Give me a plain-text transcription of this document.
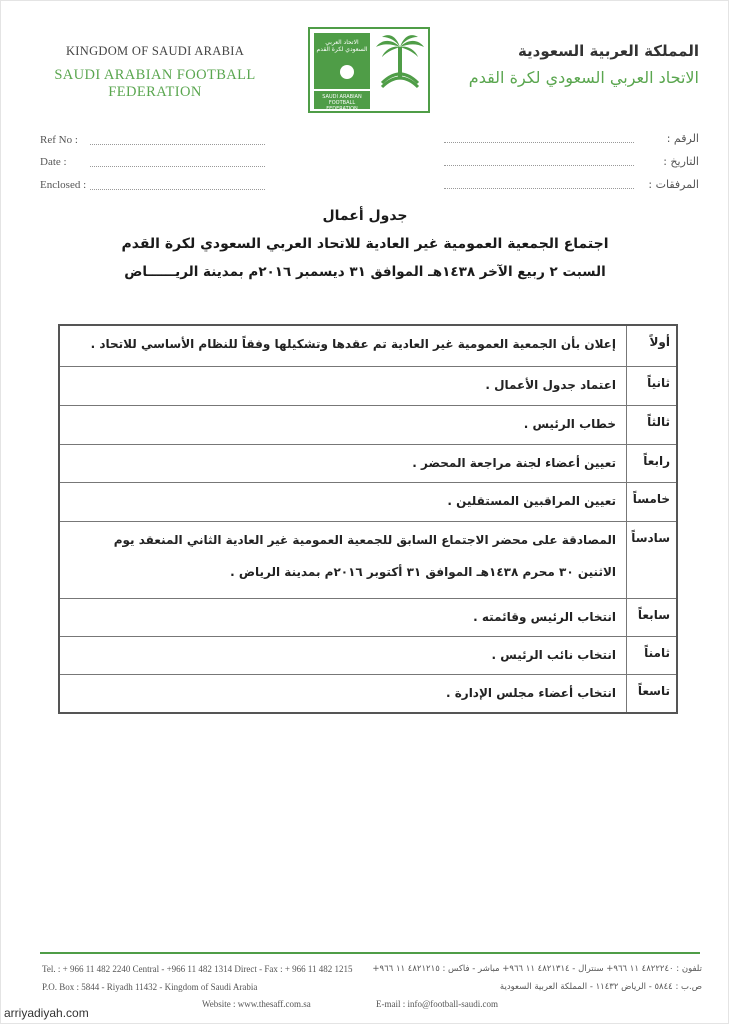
KINGDOM OF SAUDI ARABIA
SAUDI ARABIAN FOOTBALL FEDERATION
الاتحاد العربي السعودي لكرة القدم
SAUDI ARABIAN FOOTBALL FEDERATION
المملكة العربية السعودية
الاتحاد العربي السعودي لكرة القدم
Ref No :
Date :
Enclosed :
الرقم :
التاريخ :
المرفقات :
جدول أعمال
اجتماع الجمعية العمومية غير العادية للاتحاد العربي السعودي لكرة القدم
السبت ٢ ربيع الآخر ١٤٣٨هـ الموافق ٣١ ديسمبر ٢٠١٦م بمدينة الريــــــاض
أولاً
إعلان بأن الجمعية العمومية غير العادية تم عقدها وتشكيلها وفقاً للنظام الأساسي للاتحاد .
ثانياً
اعتماد جدول الأعمال .
ثالثاً
خطاب الرئيس .
رابعاً
تعيين أعضاء لجنة مراجعة المحضر .
خامساً
تعيين المراقبين المستقلين .
سادساً
المصادقة على محضر الاجتماع السابق للجمعية العمومية غير العادية الثاني المنعقد يوم
الاثنين ٣٠ محرم ١٤٣٨هـ الموافق ٣١ أكتوبر ٢٠١٦م بمدينة الرياض .
سابعاً
انتخاب الرئيس وقائمته .
ثامناً
انتخاب نائب الرئيس .
تاسعاً
انتخاب أعضاء مجلس الإدارة .
Tel. : + 966 11 482 2240 Central - +966 11 482 1314 Direct - Fax : + 966 11 482 1215 تلفون : ٤٨٢٢٢٤٠ ١١ ٩٦٦+ سنترال - ٤٨٢١٣١٤ ١١ ٩٦٦+ مباشر - فاكس : ٤٨٢١٢١٥ ١١ ٩٦٦+
P.O. Box : 5844 - Riyadh 11432 - Kingdom of Saudi Arabia	ص.ب : ٥٨٤٤ - الرياض ١١٤٣٢ - المملكة العربية السعودية
Website : www.thesaff.com.sa	E-mail : info@football-saudi.com
arriyadiyah.com
